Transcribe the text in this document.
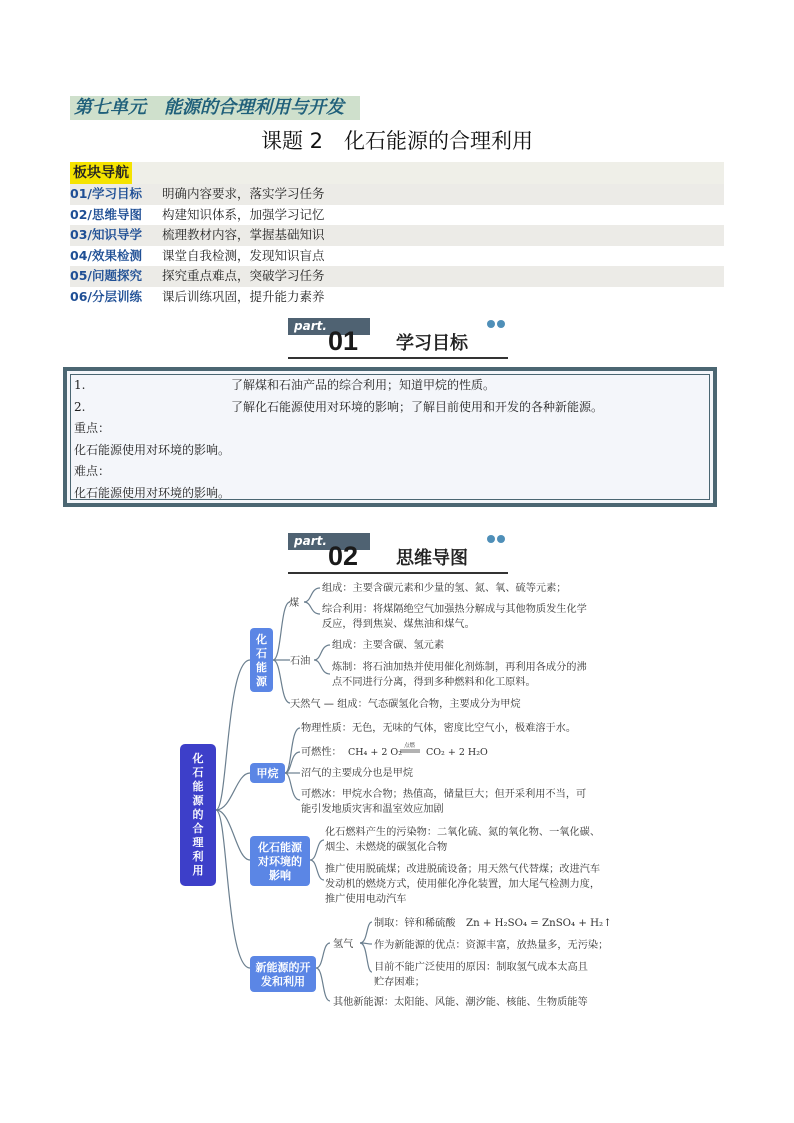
第七单元　能源的合理利用与开发
课题 2　化石能源的合理利用
板块导航
01/学习目标 明确内容要求，落实学习任务
02/思维导图 构建知识体系，加强学习记忆
03/知识导学 梳理教材内容，掌握基础知识
04/效果检测 课堂自我检测，发现知识盲点
05/问题探究 探究重点难点，突破学习任务
06/分层训练 课后训练巩固，提升能力素养
part. 01 学习目标
1.	了解煤和石油产品的综合利用；知道甲烷的性质。
2.	了解化石能源使用对环境的影响；了解目前使用和开发的各种新能源。
重点：
化石能源使用对环境的影响。
难点：
化石能源使用对环境的影响。
part. 02 思维导图
化
石
能
源
的
合
理
利
用
化
石
能
源
煤
组成：主要含碳元素和少量的氢、氮、氧、硫等元素；
综合利用：将煤隔绝空气加强热分解成与其他物质发生化学
反应，得到焦炭、煤焦油和煤气。
石油
组成：主要含碳、氢元素
炼制：将石油加热并使用催化剂炼制，再利用各成分的沸
点不同进行分离，得到多种燃料和化工原料。
天然气 — 组成：气态碳氢化合物，主要成分为甲烷
甲烷
物理性质：无色，无味的气体，密度比空气小，极难溶于水。
可燃性： CH₄ + 2 O₂
点燃
CO₂ + 2 H₂O
沼气的主要成分也是甲烷
可燃冰：甲烷水合物；热值高，储量巨大；但开采利用不当，可
能引发地质灾害和温室效应加剧
化石能源
对环境的
影响
化石燃料产生的污染物：二氧化硫、氮的氧化物、一氧化碳、
烟尘、未燃烧的碳氢化合物
推广使用脱硫煤；改进脱硫设备；用天然气代替煤；改进汽车
发动机的燃烧方式，使用催化净化装置，加大尾气检测力度，
推广使用电动汽车
新能源的开
发和利用
氢气
制取：锌和稀硫酸 Zn + H₂SO₄ = ZnSO₄ + H₂↑
作为新能源的优点：资源丰富，放热量多，无污染；
目前不能广泛使用的原因：制取氢气成本太高且
贮存困难；
其他新能源：太阳能、风能、潮汐能、核能、生物质能等
